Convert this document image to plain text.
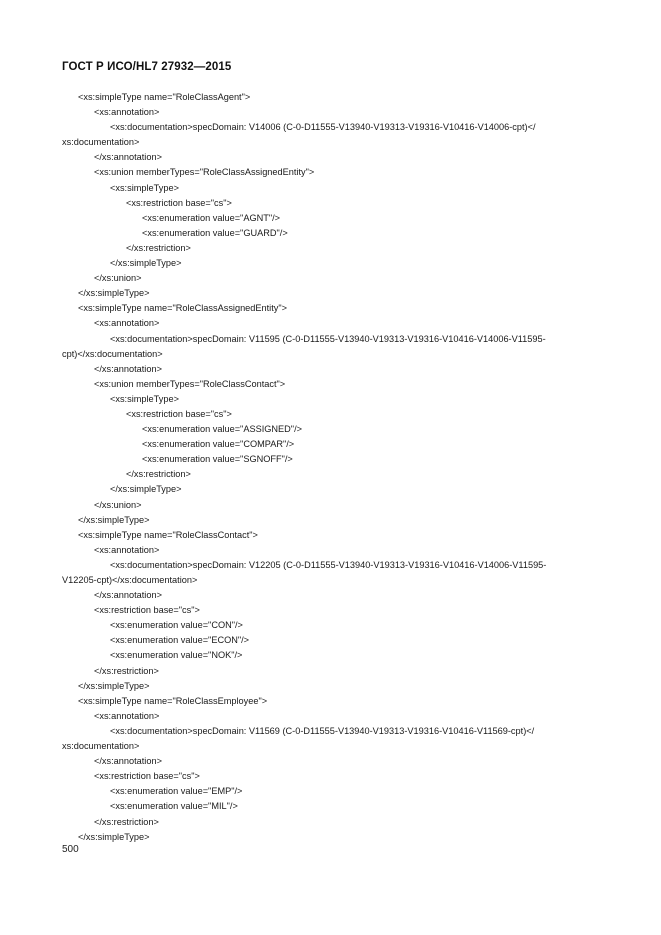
ГОСТ Р ИСО/HL7 27932—2015
<xs:simpleType name="RoleClassAgent">
<xs:annotation>
<xs:documentation>specDomain: V14006 (C-0-D11555-V13940-V19313-V19316-V10416-V14006-cpt)</
xs:documentation>
</xs:annotation>
<xs:union memberTypes="RoleClassAssignedEntity">
<xs:simpleType>
<xs:restriction base="cs">
<xs:enumeration value="AGNT"/>
<xs:enumeration value="GUARD"/>
</xs:restriction>
</xs:simpleType>
</xs:union>
</xs:simpleType>
<xs:simpleType name="RoleClassAssignedEntity">
<xs:annotation>
<xs:documentation>specDomain: V11595 (C-0-D11555-V13940-V19313-V19316-V10416-V14006-V11595-
cpt)</xs:documentation>
</xs:annotation>
<xs:union memberTypes="RoleClassContact">
<xs:simpleType>
<xs:restriction base="cs">
<xs:enumeration value="ASSIGNED"/>
<xs:enumeration value="COMPAR"/>
<xs:enumeration value="SGNOFF"/>
</xs:restriction>
</xs:simpleType>
</xs:union>
</xs:simpleType>
<xs:simpleType name="RoleClassContact">
<xs:annotation>
<xs:documentation>specDomain: V12205 (C-0-D11555-V13940-V19313-V19316-V10416-V14006-V11595-
V12205-cpt)</xs:documentation>
</xs:annotation>
<xs:restriction base="cs">
<xs:enumeration value="CON"/>
<xs:enumeration value="ECON"/>
<xs:enumeration value="NOK"/>
</xs:restriction>
</xs:simpleType>
<xs:simpleType name="RoleClassEmployee">
<xs:annotation>
<xs:documentation>specDomain: V11569 (C-0-D11555-V13940-V19313-V19316-V10416-V11569-cpt)</
xs:documentation>
</xs:annotation>
<xs:restriction base="cs">
<xs:enumeration value="EMP"/>
<xs:enumeration value="MIL"/>
</xs:restriction>
</xs:simpleType>
500
